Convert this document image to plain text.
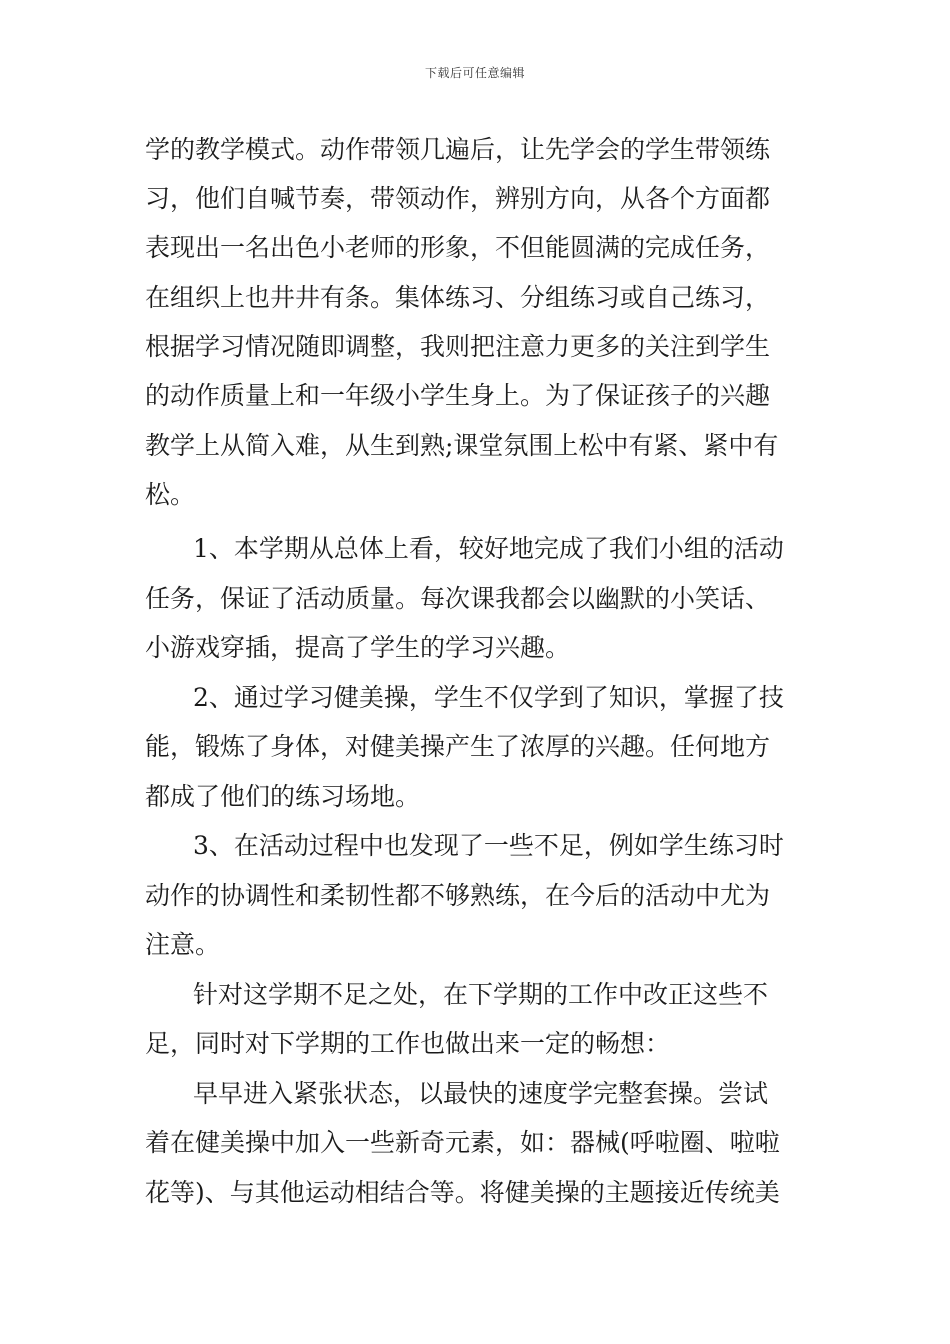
下载后可任意编辑
学的教学模式。动作带领几遍后，让先学会的学生带领练
习，他们自喊节奏，带领动作，辨别方向，从各个方面都
表现出一名出色小老师的形象，不但能圆满的完成任务，
在组织上也井井有条。集体练习、分组练习或自己练习，
根据学习情况随即调整，我则把注意力更多的关注到学生
的动作质量上和一年级小学生身上。为了保证孩子的兴趣
教学上从简入难，从生到熟;课堂氛围上松中有紧、紧中有
松。
1、本学期从总体上看，较好地完成了我们小组的活动
任务，保证了活动质量。每次课我都会以幽默的小笑话、
小游戏穿插，提高了学生的学习兴趣。
2、通过学习健美操，学生不仅学到了知识，掌握了技
能，锻炼了身体，对健美操产生了浓厚的兴趣。任何地方
都成了他们的练习场地。
3、在活动过程中也发现了一些不足，例如学生练习时
动作的协调性和柔韧性都不够熟练，在今后的活动中尤为
注意。
针对这学期不足之处，在下学期的工作中改正这些不
足，同时对下学期的工作也做出来一定的畅想：
早早进入紧张状态，以最快的速度学完整套操。尝试
着在健美操中加入一些新奇元素，如：器械(呼啦圈、啦啦
花等)、与其他运动相结合等。将健美操的主题接近传统美
